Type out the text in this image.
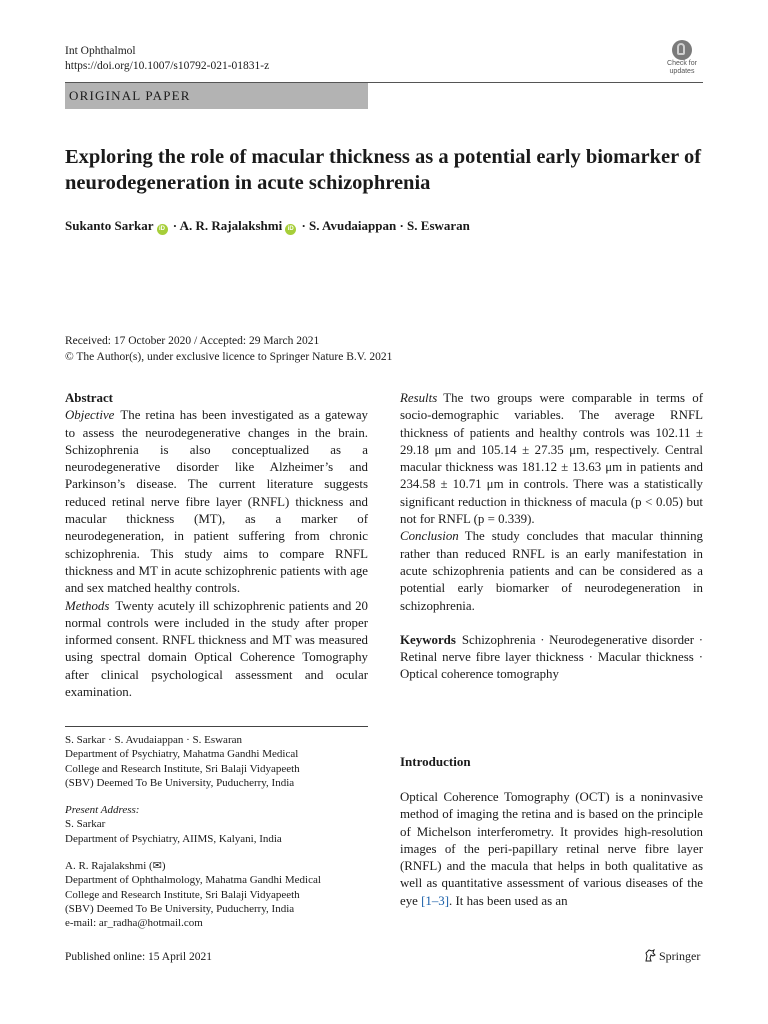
Int Ophthalmol
https://doi.org/10.1007/s10792-021-01831-z	Check for
updates
ORIGINAL PAPER
Exploring the role of macular thickness as a potential early biomarker of neurodegeneration in acute schizophrenia
Sukanto Sarkar iD · A. R. Rajalakshmi iD · S. Avudaiappan · S. Eswaran
Received: 17 October 2020 / Accepted: 29 March 2021
© The Author(s), under exclusive licence to Springer Nature B.V. 2021

Abstract

Objective The retina has been investigated as a gateway to assess the neurodegenerative changes in the brain. Schizophrenia is also conceptualized as a neurodegenerative disorder like Alzheimer’s and Parkinson’s disease. The current literature suggests reduced retinal nerve fibre layer (RNFL) thickness and macular thickness (MT), as a marker of neurodegeneration, in patient suffering from chronic schizophrenia. This study aims to compare RNFL thickness and MT in acute schizophrenic patients with age and sex matched healthy controls.

Methods Twenty acutely ill schizophrenic patients and 20 normal controls were included in the study after proper informed consent. RNFL thickness and MT was measured using spectral domain Optical Coherence Tomography after clinical psychological assessment and ocular examination.

Results The two groups were comparable in terms of socio-demographic variables. The average RNFL thickness of patients and healthy controls was 102.11 ± 29.18 μm and 105.14 ± 27.35 μm, respectively. Central macular thickness was 181.12 ± 13.63 μm in patients and 234.58 ± 10.71 μm in controls. There was a statistically significant reduction in thickness of macula (p < 0.05) but not for RNFL (p = 0.339).

Conclusion The study concludes that macular thinning rather than reduced RNFL is an early manifestation in acute schizophrenia patients and can be considered as a potential early biomarker of neurodegeneration in schizophrenia.

Keywords Schizophrenia · Neurodegenerative disorder · Retinal nerve fibre layer thickness · Macular thickness · Optical coherence tomography

S. Sarkar · S. Avudaiappan · S. Eswaran

Department of Psychiatry, Mahatma Gandhi Medical

College and Research Institute, Sri Balaji Vidyapeeth

(SBV) Deemed To Be University, Puducherry, India

Present Address:

S. Sarkar

Department of Psychiatry, AIIMS, Kalyani, India

A. R. Rajalakshmi (✉)

Department of Ophthalmology, Mahatma Gandhi Medical

College and Research Institute, Sri Balaji Vidyapeeth

(SBV) Deemed To Be University, Puducherry, India

e-mail: ar_radha@hotmail.com

Introduction
Optical Coherence Tomography (OCT) is a noninvasive method of imaging the retina and is based on the principle of Michelson interferometry. It provides high-resolution images of the peri-papillary retinal nerve fibre layer (RNFL) and the macula that helps in both qualitative as well as quantitative assessment of various diseases of the eye [1–3]. It has been used as an
Published online: 15 April 2021	Springer
